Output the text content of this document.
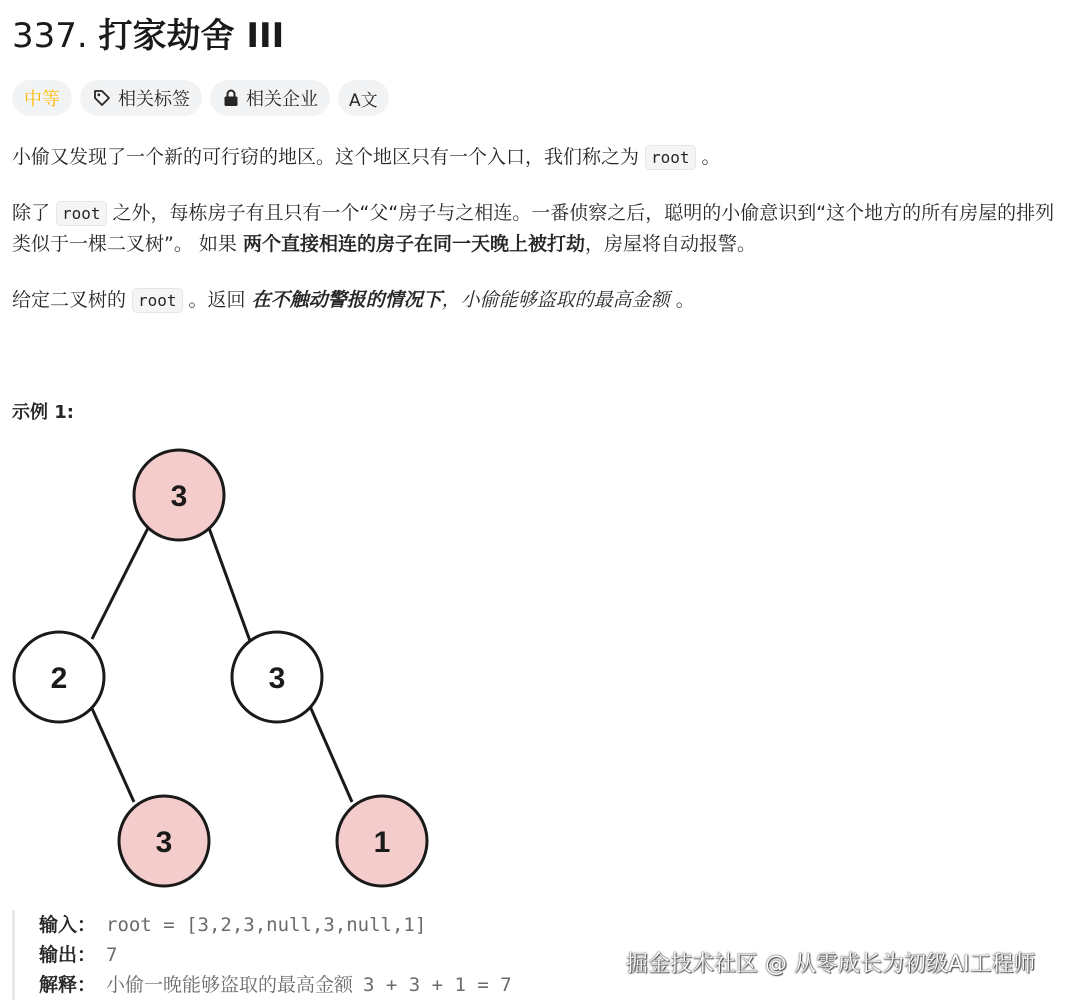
337. 打家劫舍 III
中等	相关标签	相关企业 A文
小偷又发现了一个新的可行窃的地区。这个地区只有一个入口，我们称之为 root 。
除了 root 之外，每栋房子有且只有一个“父“房子与之相连。一番侦察之后，聪明的小偷意识到“这个地方的所有房屋的排列类似于一棵二叉树”。 如果 两个直接相连的房子在同一天晚上被打劫，房屋将自动报警。
给定二叉树的 root 。返回 在不触动警报的情况下，小偷能够盗取的最高金额 。
示例 1:
3
2	3
3	1
输入： root = [3,2,3,null,3,null,1]
输出： 7
解释： 小偷一晚能够盗取的最高金额 3 + 3 + 1 = 7
掘金技术社区 @ 从零成长为初级AI工程师
